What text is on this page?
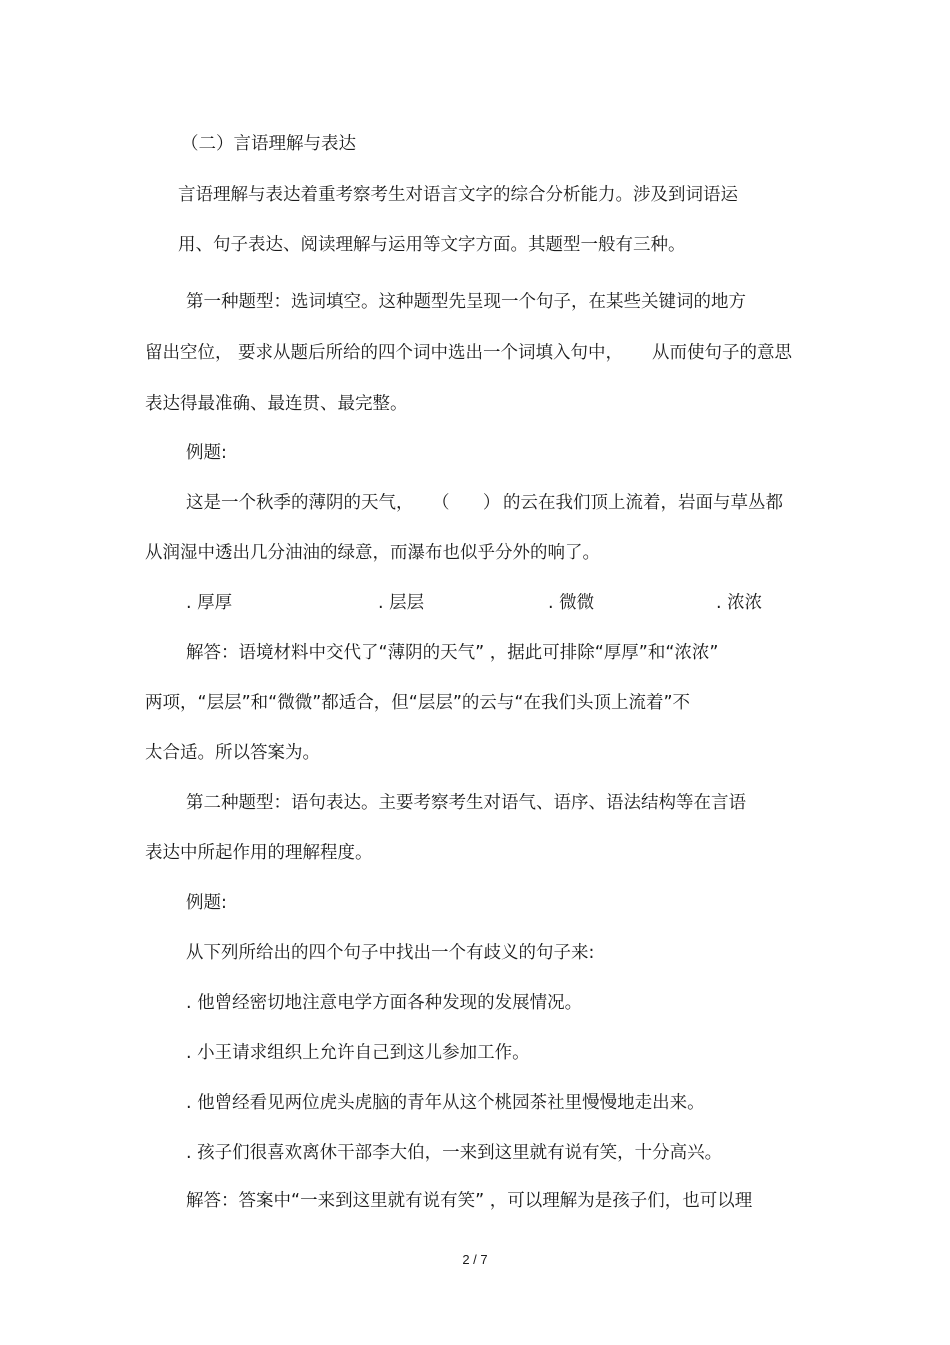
（二）言语理解与表达
言语理解与表达着重考察考生对语言文字的综合分析能力。涉及到词语运
用、句子表达、阅读理解与运用等文字方面。其题型一般有三种。
第一种题型：选词填空。这种题型先呈现一个句子，在某些关键词的地方
留出空位， 要求从题后所给的四个词中选出一个词填入句中， 从而使句子的意思
表达得最准确、最连贯、最完整。
例题:
这是一个秋季的薄阴的天气， （      ） 的云在我们顶上流着，岩面与草丛都
从润湿中透出几分油油的绿意，而瀑布也似乎分外的响了。
. 厚厚	. 层层	. 微微	. 浓浓
解答：语境材料中交代了“薄阴的天气” ，据此可排除“厚厚”和“浓浓”
两项，“层层”和“微微”都适合，但“层层”的云与“在我们头顶上流着”不
太合适。所以答案为。
第二种题型：语句表达。主要考察考生对语气、语序、语法结构等在言语
表达中所起作用的理解程度。
例题:
从下列所给出的四个句子中找出一个有歧义的句子来:
. 他曾经密切地注意电学方面各种发现的发展情况。
. 小王请求组织上允许自己到这儿参加工作。
. 他曾经看见两位虎头虎脑的青年从这个桃园茶社里慢慢地走出来。
. 孩子们很喜欢离休干部李大伯，一来到这里就有说有笑，十分高兴。
解答：答案中“一来到这里就有说有笑” ，可以理解为是孩子们，也可以理
2 / 7
